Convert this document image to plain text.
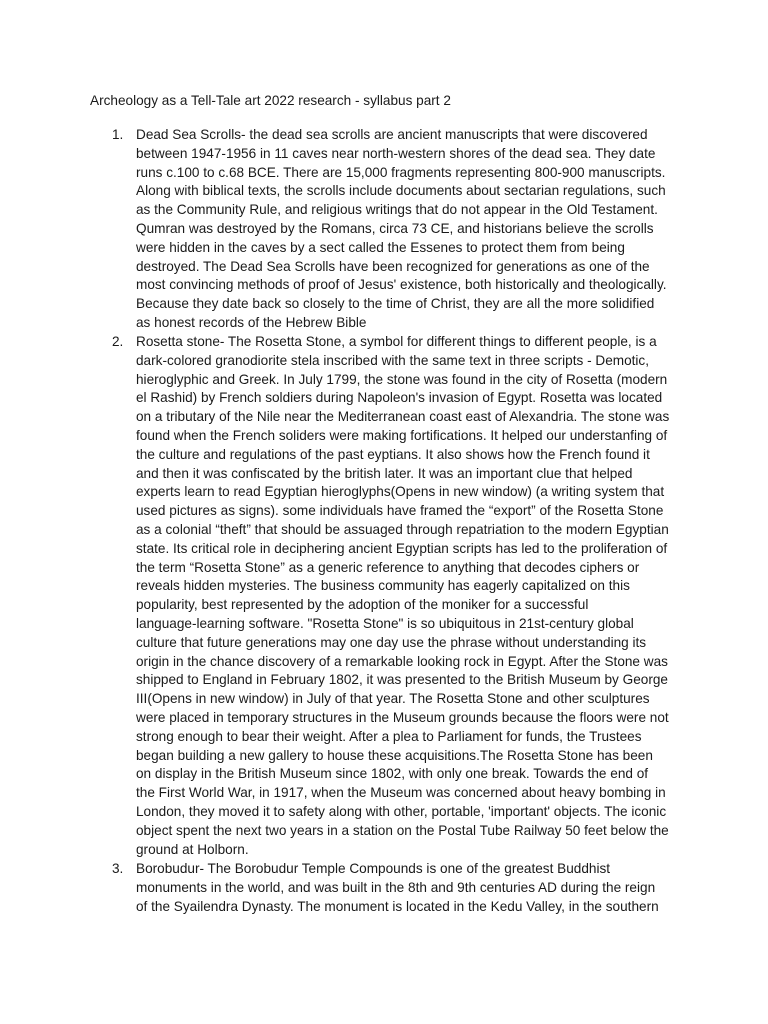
Archeology as a Tell-Tale art 2022 research - syllabus part 2
1. Dead Sea Scrolls- the dead sea scrolls are ancient manuscripts that were discovered
between 1947-1956 in 11 caves near north-western shores of the dead sea. They date
runs c.100 to c.68 BCE. There are 15,000 fragments representing 800-900 manuscripts.
Along with biblical texts, the scrolls include documents about sectarian regulations, such
as the Community Rule, and religious writings that do not appear in the Old Testament.
Qumran was destroyed by the Romans, circa 73 CE, and historians believe the scrolls
were hidden in the caves by a sect called the Essenes to protect them from being
destroyed. The Dead Sea Scrolls have been recognized for generations as one of the
most convincing methods of proof of Jesus' existence, both historically and theologically.
Because they date back so closely to the time of Christ, they are all the more solidified
as honest records of the Hebrew Bible
2. Rosetta stone- The Rosetta Stone, a symbol for different things to different people, is a
dark-colored granodiorite stela inscribed with the same text in three scripts - Demotic,
hieroglyphic and Greek. In July 1799, the stone was found in the city of Rosetta (modern
el Rashid) by French soldiers during Napoleon's invasion of Egypt. Rosetta was located
on a tributary of the Nile near the Mediterranean coast east of Alexandria. The stone was
found when the French soliders were making fortifications. It helped our understanfing of
the culture and regulations of the past eyptians. It also shows how the French found it
and then it was confiscated by the british later. It was an important clue that helped
experts learn to read Egyptian hieroglyphs(Opens in new window) (a writing system that
used pictures as signs). some individuals have framed the “export” of the Rosetta Stone
as a colonial “theft” that should be assuaged through repatriation to the modern Egyptian
state. Its critical role in deciphering ancient Egyptian scripts has led to the proliferation of
the term “Rosetta Stone” as a generic reference to anything that decodes ciphers or
reveals hidden mysteries. The business community has eagerly capitalized on this
popularity, best represented by the adoption of the moniker for a successful
language-learning software. "Rosetta Stone" is so ubiquitous in 21st-century global
culture that future generations may one day use the phrase without understanding its
origin in the chance discovery of a remarkable looking rock in Egypt. After the Stone was
shipped to England in February 1802, it was presented to the British Museum by George
III(Opens in new window) in July of that year. The Rosetta Stone and other sculptures
were placed in temporary structures in the Museum grounds because the floors were not
strong enough to bear their weight. After a plea to Parliament for funds, the Trustees
began building a new gallery to house these acquisitions.The Rosetta Stone has been
on display in the British Museum since 1802, with only one break. Towards the end of
the First World War, in 1917, when the Museum was concerned about heavy bombing in
London, they moved it to safety along with other, portable, 'important' objects. The iconic
object spent the next two years in a station on the Postal Tube Railway 50 feet below the
ground at Holborn.
3. Borobudur- The Borobudur Temple Compounds is one of the greatest Buddhist
monuments in the world, and was built in the 8th and 9th centuries AD during the reign
of the Syailendra Dynasty. The monument is located in the Kedu Valley, in the southern
